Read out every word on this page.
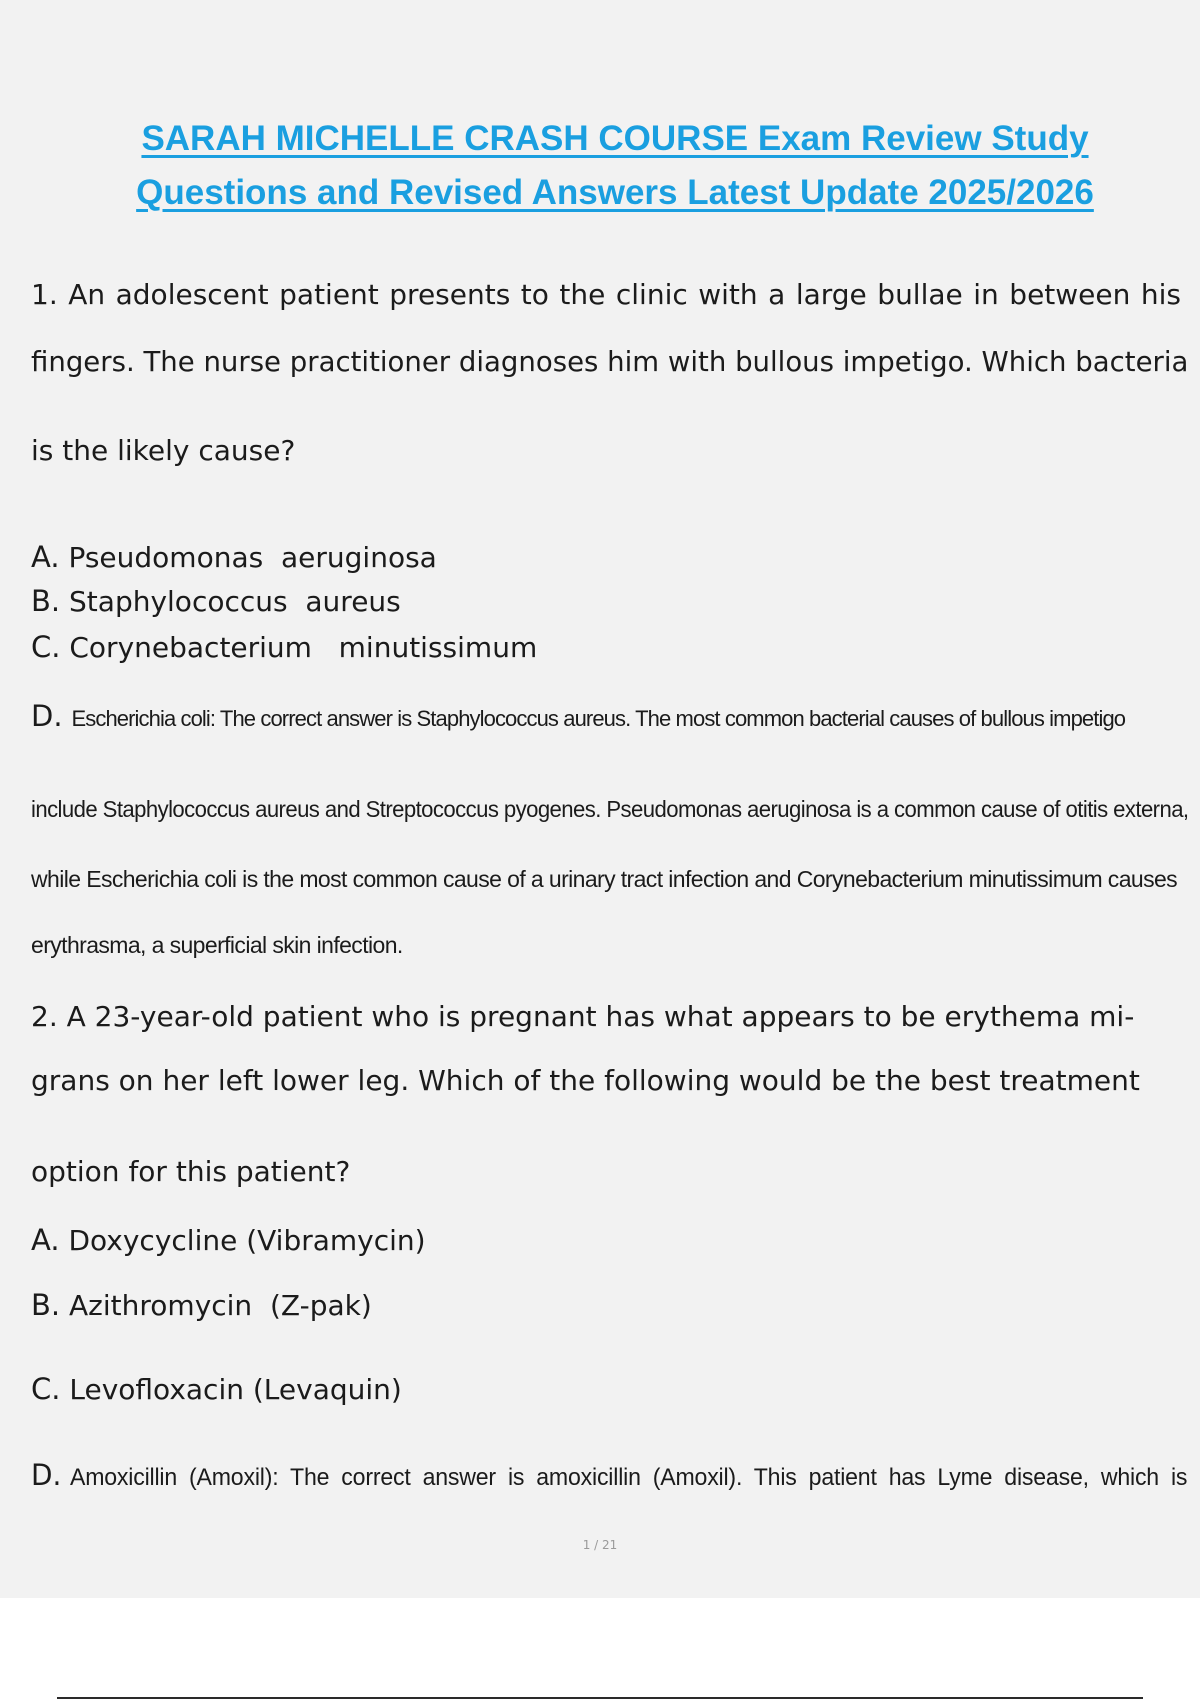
SARAH MICHELLE CRASH COURSE Exam Review Study
Questions and Revised Answers Latest Update 2025/2026

1. An adolescent patient presents to the clinic with a large bullae in between his

fingers. The nurse practitioner diagnoses him with bullous impetigo. Which bacteria

is the likely cause?

A. Pseudomonas  aeruginosa
B. Staphylococcus  aureus
C. Corynebacterium   minutissimum
D. Escherichia coli: The correct answer is Staphylococcus aureus. The most common bacterial causes of bullous impetigo

include Staphylococcus aureus and Streptococcus pyogenes. Pseudomonas aeruginosa is a common cause of otitis externa,

while Escherichia coli is the most common cause of a urinary tract infection and Corynebacterium minutissimum causes

erythrasma, a superficial skin infection.

2. A 23-year-old patient who is pregnant has what appears to be erythema mi-

grans on her left lower leg. Which of the following would be the best treatment

option for this patient?

A. Doxycycline (Vibramycin)
B. Azithromycin  (Z-pak)
C. Levofloxacin (Levaquin)
D. Amoxicillin (Amoxil): The correct answer is amoxicillin (Amoxil). This patient has Lyme disease, which is
1 / 21
